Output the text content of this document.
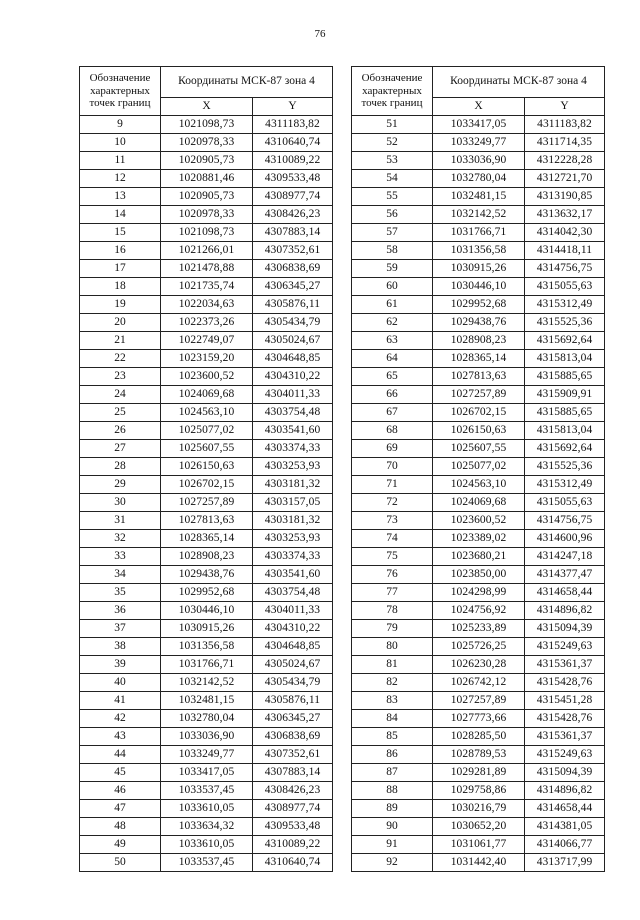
76
Обозначение характерных точек границ	Координаты МСК-87 зона 4	
	X	Y
9	1021098,73	4311183,82
10	1020978,33	4310640,74
11	1020905,73	4310089,22
12	1020881,46	4309533,48
13	1020905,73	4308977,74
14	1020978,33	4308426,23
15	1021098,73	4307883,14
16	1021266,01	4307352,61
17	1021478,88	4306838,69
18	1021735,74	4306345,27
19	1022034,63	4305876,11
20	1022373,26	4305434,79
21	1022749,07	4305024,67
22	1023159,20	4304648,85
23	1023600,52	4304310,22
24	1024069,68	4304011,33
25	1024563,10	4303754,48
26	1025077,02	4303541,60
27	1025607,55	4303374,33
28	1026150,63	4303253,93
29	1026702,15	4303181,32
30	1027257,89	4303157,05
31	1027813,63	4303181,32
32	1028365,14	4303253,93
33	1028908,23	4303374,33
34	1029438,76	4303541,60
35	1029952,68	4303754,48
36	1030446,10	4304011,33
37	1030915,26	4304310,22
38	1031356,58	4304648,85
39	1031766,71	4305024,67
40	1032142,52	4305434,79
41	1032481,15	4305876,11
42	1032780,04	4306345,27
43	1033036,90	4306838,69
44	1033249,77	4307352,61
45	1033417,05	4307883,14
46	1033537,45	4308426,23
47	1033610,05	4308977,74
48	1033634,32	4309533,48
49	1033610,05	4310089,22
50	1033537,45	4310640,74
Обозначение характерных точек границ	Координаты МСК-87 зона 4	
	X	Y
51	1033417,05	4311183,82
52	1033249,77	4311714,35
53	1033036,90	4312228,28
54	1032780,04	4312721,70
55	1032481,15	4313190,85
56	1032142,52	4313632,17
57	1031766,71	4314042,30
58	1031356,58	4314418,11
59	1030915,26	4314756,75
60	1030446,10	4315055,63
61	1029952,68	4315312,49
62	1029438,76	4315525,36
63	1028908,23	4315692,64
64	1028365,14	4315813,04
65	1027813,63	4315885,65
66	1027257,89	4315909,91
67	1026702,15	4315885,65
68	1026150,63	4315813,04
69	1025607,55	4315692,64
70	1025077,02	4315525,36
71	1024563,10	4315312,49
72	1024069,68	4315055,63
73	1023600,52	4314756,75
74	1023389,02	4314600,96
75	1023680,21	4314247,18
76	1023850,00	4314377,47
77	1024298,99	4314658,44
78	1024756,92	4314896,82
79	1025233,89	4315094,39
80	1025726,25	4315249,63
81	1026230,28	4315361,37
82	1026742,12	4315428,76
83	1027257,89	4315451,28
84	1027773,66	4315428,76
85	1028285,50	4315361,37
86	1028789,53	4315249,63
87	1029281,89	4315094,39
88	1029758,86	4314896,82
89	1030216,79	4314658,44
90	1030652,20	4314381,05
91	1031061,77	4314066,77
92	1031442,40	4313717,99
